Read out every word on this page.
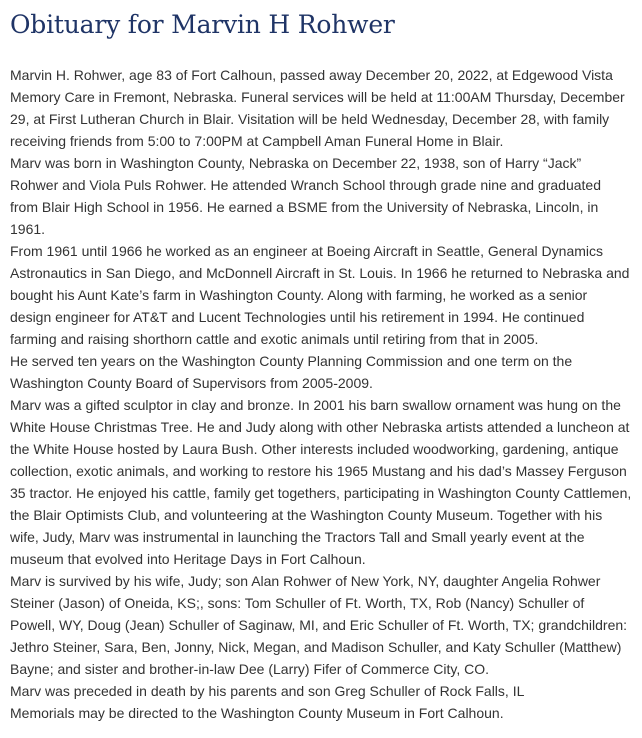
Obituary for Marvin H Rohwer

Marvin H. Rohwer, age 83 of Fort Calhoun, passed away December 20, 2022, at Edgewood Vista Memory Care in Fremont, Nebraska. Funeral services will be held at 11:00AM Thursday, December 29, at First Lutheran Church in Blair. Visitation will be held Wednesday, December 28, with family receiving friends from 5:00 to 7:00PM at Campbell Aman Funeral Home in Blair.

Marv was born in Washington County, Nebraska on December 22, 1938, son of Harry “Jack” Rohwer and Viola Puls Rohwer. He attended Wranch School through grade nine and graduated from Blair High School in 1956. He earned a BSME from the University of Nebraska, Lincoln, in 1961.

From 1961 until 1966 he worked as an engineer at Boeing Aircraft in Seattle, General Dynamics Astronautics in San Diego, and McDonnell Aircraft in St. Louis. In 1966 he returned to Nebraska and bought his Aunt Kate’s farm in Washington County. Along with farming, he worked as a senior design engineer for AT&T and Lucent Technologies until his retirement in 1994. He continued farming and raising shorthorn cattle and exotic animals until retiring from that in 2005.

He served ten years on the Washington County Planning Commission and one term on the Washington County Board of Supervisors from 2005-2009.

Marv was a gifted sculptor in clay and bronze. In 2001 his barn swallow ornament was hung on the White House Christmas Tree. He and Judy along with other Nebraska artists attended a luncheon at the White House hosted by Laura Bush. Other interests included woodworking, gardening, antique collection, exotic animals, and working to restore his 1965 Mustang and his dad’s Massey Ferguson 35 tractor. He enjoyed his cattle, family get togethers, participating in Washington County Cattlemen, the Blair Optimists Club, and volunteering at the Washington County Museum. Together with his wife, Judy, Marv was instrumental in launching the Tractors Tall and Small yearly event at the museum that evolved into Heritage Days in Fort Calhoun.

Marv is survived by his wife, Judy; son Alan Rohwer of New York, NY, daughter Angelia Rohwer Steiner (Jason) of Oneida, KS;, sons: Tom Schuller of Ft. Worth, TX, Rob (Nancy) Schuller of Powell, WY, Doug (Jean) Schuller of Saginaw, MI, and Eric Schuller of Ft. Worth, TX; grandchildren: Jethro Steiner, Sara, Ben, Jonny, Nick, Megan, and Madison Schuller, and Katy Schuller (Matthew) Bayne; and sister and brother-in-law Dee (Larry) Fifer of Commerce City, CO.

Marv was preceded in death by his parents and son Greg Schuller of Rock Falls, IL

Memorials may be directed to the Washington County Museum in Fort Calhoun.
